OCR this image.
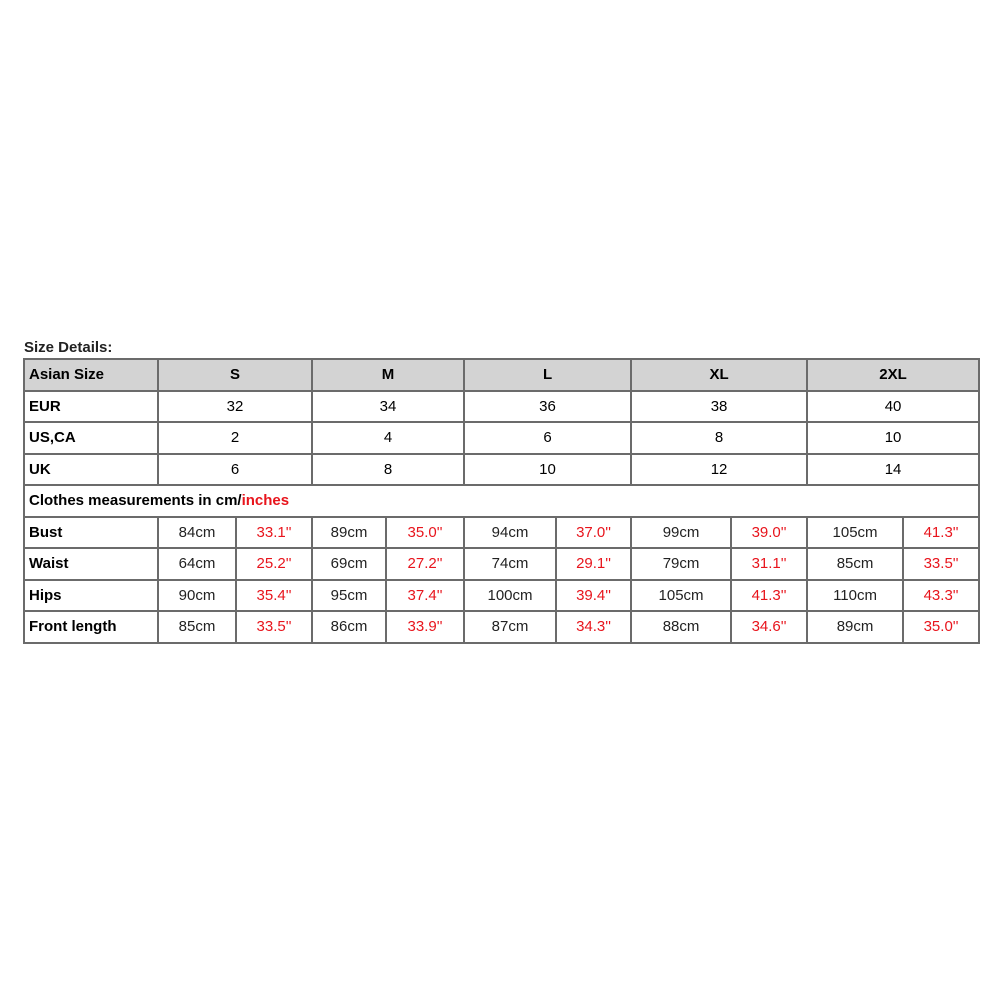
Size Details:
Asian Size	S		M		L		XL		2XL	
EUR	32		34		36		38		40	
US,CA	2		4		6		8		10	
UK	6		8		10		12		14	
Clothes measurements in cm/inches										
Bust	84cm	33.1''	89cm	35.0''	94cm	37.0''	99cm	39.0''	105cm	41.3''
Waist	64cm	25.2''	69cm	27.2''	74cm	29.1''	79cm	31.1''	85cm	33.5''
Hips	90cm	35.4''	95cm	37.4''	100cm	39.4''	105cm	41.3''	110cm	43.3''
Front length	85cm	33.5''	86cm	33.9''	87cm	34.3''	88cm	34.6''	89cm	35.0''
